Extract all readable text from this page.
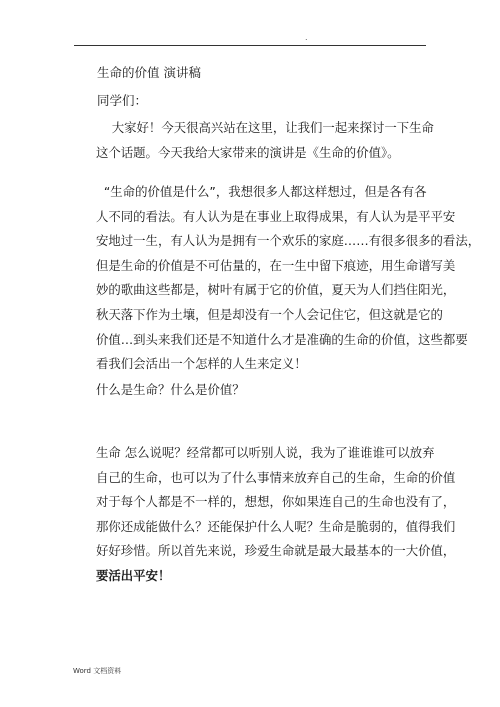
.
生命的价值 演讲稿
同学们：
大家好！今天很高兴站在这里，让我们一起来探讨一下生命
这个话题。今天我给大家带来的演讲是《生命的价值》。
“生命的价值是什么”，我想很多人都这样想过，但是各有各
人不同的看法。有人认为是在事业上取得成果，有人认为是平平安
安地过一生，有人认为是拥有一个欢乐的家庭……有很多很多的看法，
但是生命的价值是不可估量的，在一生中留下痕迹，用生命谱写美
妙的歌曲这些都是，树叶有属于它的价值，夏天为人们挡住阳光，
秋天落下作为土壤，但是却没有一个人会记住它，但这就是它的
价值…到头来我们还是不知道什么才是准确的生命的价值，这些都要
看我们会活出一个怎样的人生来定义！
什么是生命？什么是价值？
生命 怎么说呢？经常都可以听别人说，我为了谁谁谁可以放弃
自己的生命，也可以为了什么事情来放弃自己的生命，生命的价值
对于每个人都是不一样的，想想，你如果连自己的生命也没有了，
那你还成能做什么？还能保护什么人呢？生命是脆弱的，值得我们
好好珍惜。所以首先来说，珍爱生命就是最大最基本的一大价值，
要活出平安！
Word 文档资料
